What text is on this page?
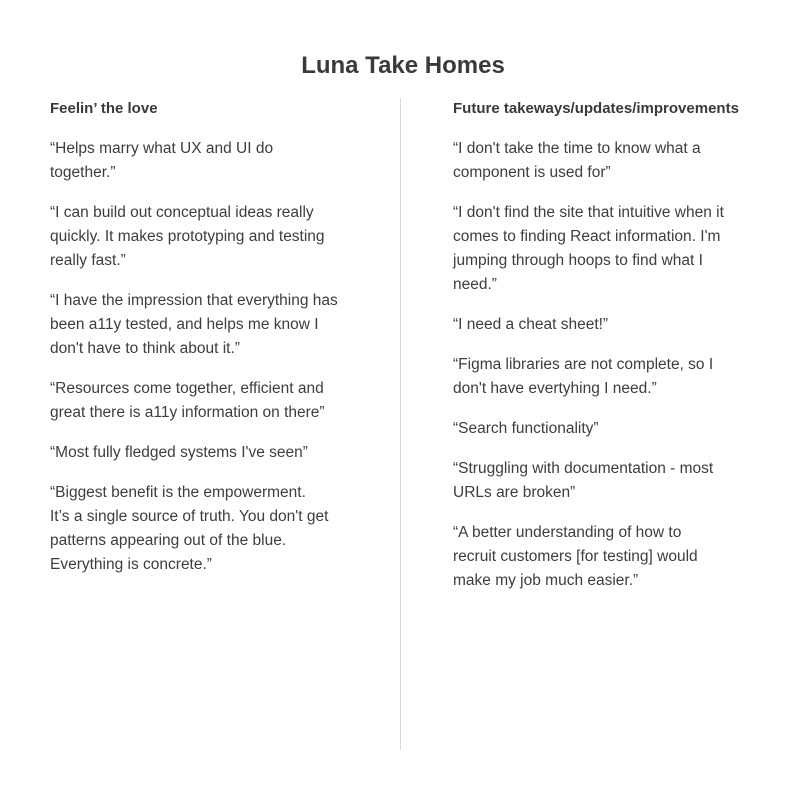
Luna Take Homes
Feelin’ the love

“Helps marry what UX and UI do
together.”

“I can build out conceptual ideas really
quickly. It makes prototyping and testing
really fast.”

“I have the impression that everything has
been a11y tested, and helps me know I
don't have to think about it.”

“Resources come together, efficient and
great there is a11y information on there”

“Most fully fledged systems I've seen”

“Biggest benefit is the empowerment.
It’s a single source of truth. You don't get
patterns appearing out of the blue.
Everything is concrete.”

Future takeways/updates/improvements

“I don't take the time to know what a
component is used for”

“I don't find the site that intuitive when it
comes to finding React information. I'm
jumping through hoops to find what I
need.”

“I need a cheat sheet!”

“Figma libraries are not complete, so I
don't have evertyhing I need.”

“Search functionality”

“Struggling with documentation - most
URLs are broken”

“A better understanding of how to
recruit customers [for testing] would
make my job much easier.”
